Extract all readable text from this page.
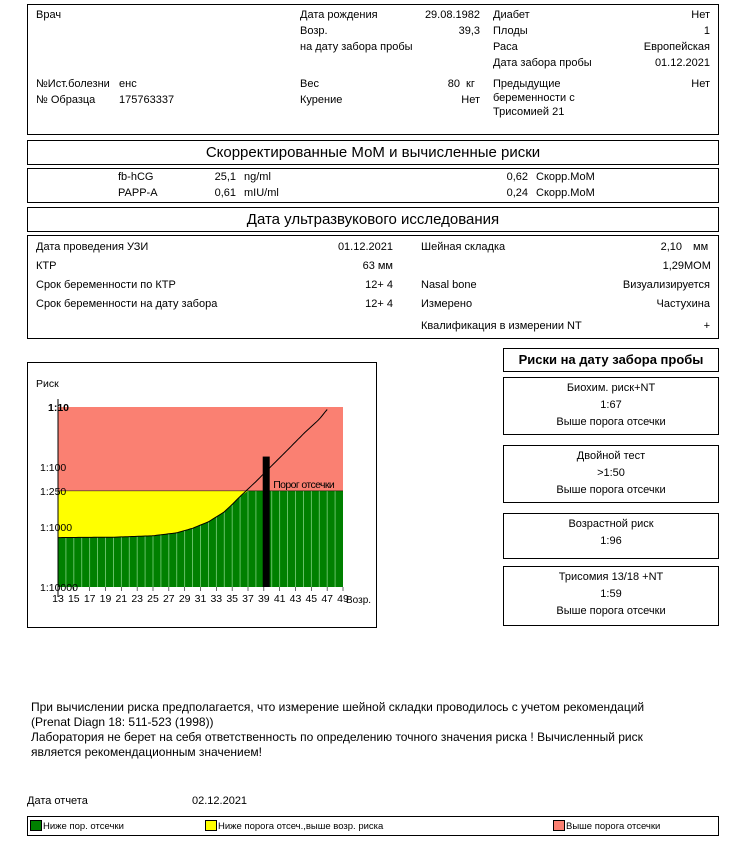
Врач	Дата рождения	29.08.1982
Возр.	39,3
на дату забора пробы
Диабет	Нет
Плоды	1
Раса	Европейская
Дата забора пробы	01.12.2021
№Ист.болезни енс
№ Образца 175763337
Вес	80 кг
Курение	Нет
Предыдущие
беременности с
Трисомией 21
Нет
Скорректированные МоМ и вычисленные риски
fb-hCG	25,1 ng/ml	0,62 Скорр.MoM
PAPP-A	0,61 mIU/ml	0,24 Скорр.MoM
Дата ультразвукового исследования
Дата проведения УЗИ	01.12.2021
КТР	63 мм
Срок беременности по КТР	12+ 4
Срок беременности на дату забора	12+ 4
Шейная складка	2,10 мм
1,29 MOM
Nasal bone	Визуализируется
Измерено	Частухина
Квалификация в измерении NT	+
Риск
Порог отсечки
1:10
1:100
1:250
1:1000
1:10000
13 15 17 19 21 23 25 27 29 31 33 35 37 39 41 43 45 47 49
Возр.
Риски на дату забора пробы
Биохим. риск+NT
1:67
Выше порога отсечки
Двойной тест
>1:50
Выше порога отсечки
Возрастной риск
1:96
Трисомия 13/18 +NT
1:59
Выше порога отсечки
При вычислении риска предполагается, что измерение шейной складки проводилось с учетом рекомендаций
(Prenat Diagn 18: 511-523 (1998))
Лаборатория не берет на себя ответственность по определению точного значения риска ! Вычисленный риск
является рекомендационным значением!
Дата отчета	02.12.2021
Ниже пор. отсечки	Ниже порога отсеч.,выше возр. риска	Выше порога отсечки
